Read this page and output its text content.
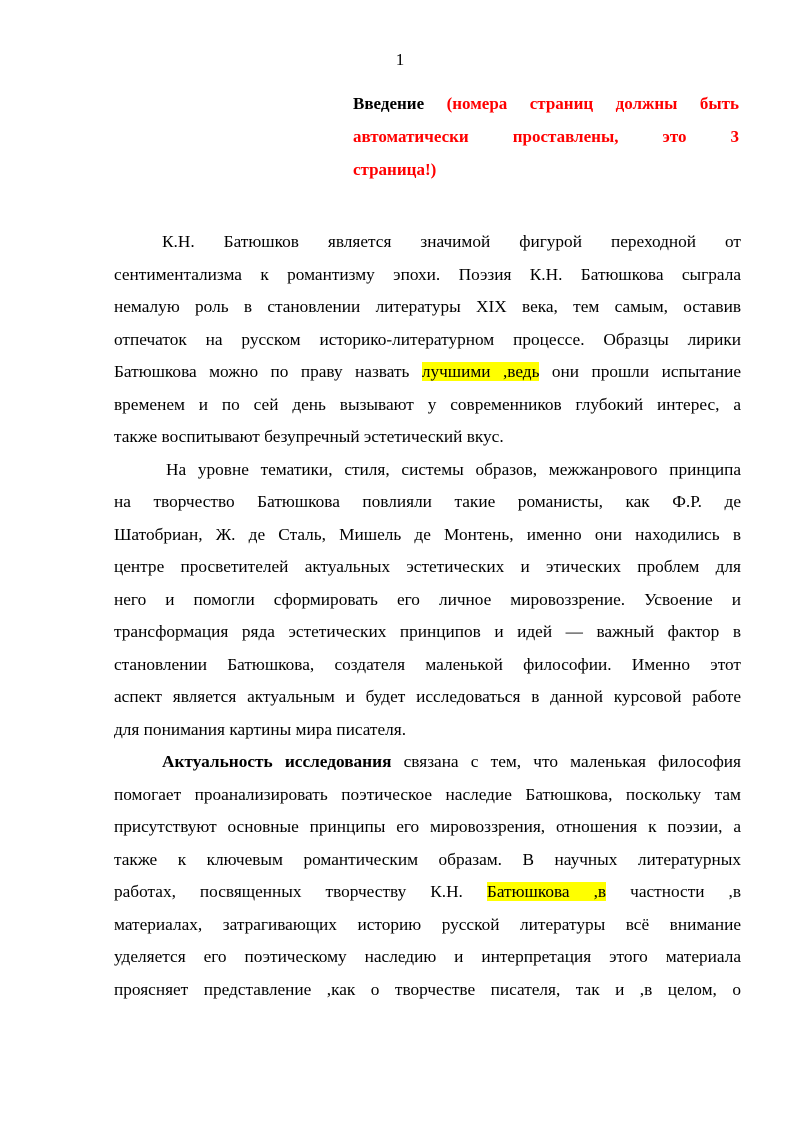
1
Введение (номера страниц должны быть
автоматически	проставлены,	это	3
страница!)
К.Н. Батюшков является значимой фигурой переходной от
сентиментализма к романтизму эпохи. Поэзия К.Н. Батюшкова сыграла
немалую роль в становлении литературы XIX века, тем самым, оставив
отпечаток на русском историко-литературном процессе. Образцы лирики
Батюшкова можно по праву назвать лучшими ,ведь они прошли испытание
временем и по сей день вызывают у современников глубокий интерес, а
также воспитывают безупречный эстетический вкус.
На уровне тематики, стиля, системы образов, межжанрового принципа
на творчество Батюшкова повлияли такие романисты, как Ф.Р. де
Шатобриан, Ж. де Сталь, Мишель де Монтень, именно они находились в
центре просветителей актуальных эстетических и этических проблем для
него и помогли сформировать его личное мировоззрение. Усвоение и
трансформация ряда эстетических принципов и идей — важный фактор в
становлении Батюшкова, создателя маленькой философии. Именно этот
аспект является актуальным и будет исследоваться в данной курсовой работе
для понимания картины мира писателя.
Актуальность исследования связана с тем, что маленькая философия
помогает проанализировать поэтическое наследие Батюшкова, поскольку там
присутствуют основные принципы его мировоззрения, отношения к поэзии, а
также к ключевым романтическим образам. В научных литературных
работах, посвященных творчеству К.Н. Батюшкова ,в частности ,в
материалах, затрагивающих историю русской литературы всё внимание
уделяется его поэтическому наследию и интерпретация этого материала
проясняет представление ,как о творчестве писателя, так и ,в целом, о
